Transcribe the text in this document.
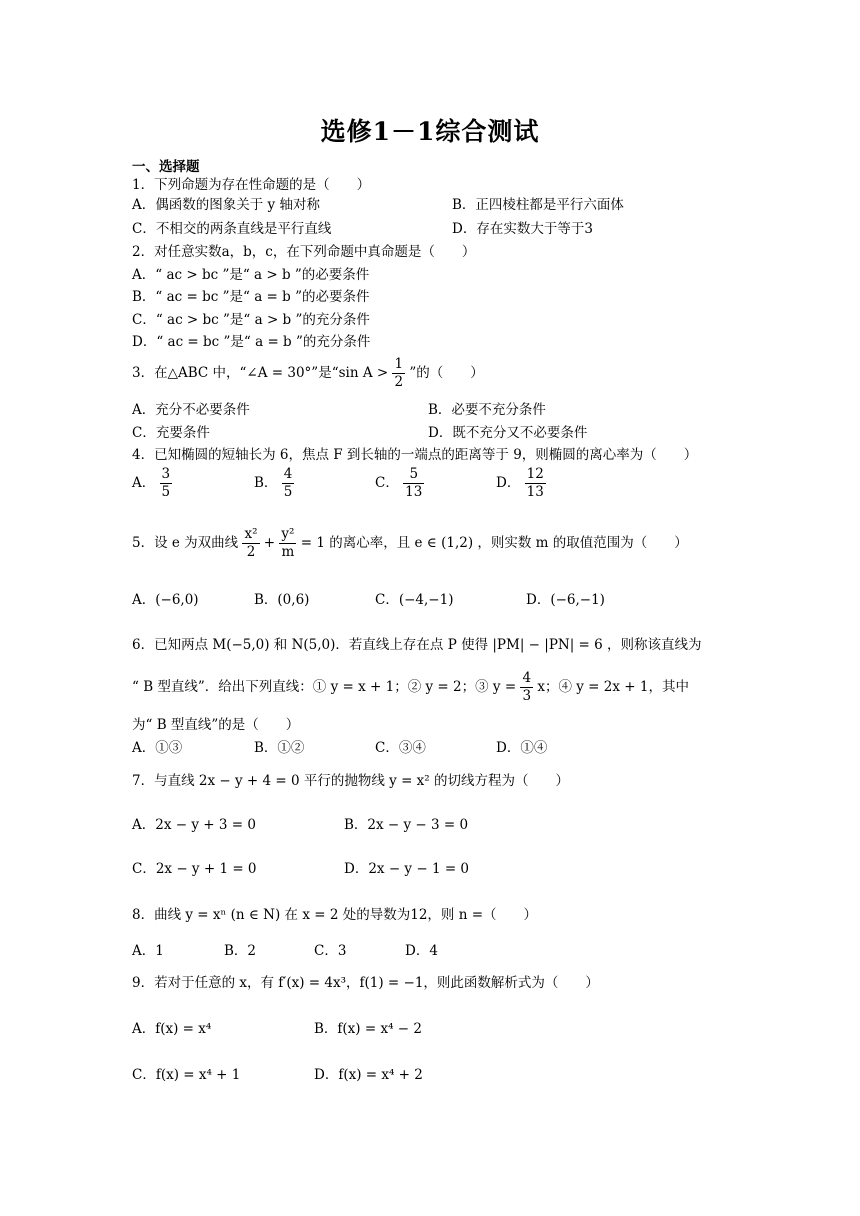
选修1－1综合测试
一、选择题
1．下列命题为存在性命题的是（　　）
A．偶函数的图象关于 y 轴对称	B．正四棱柱都是平行六面体
C．不相交的两条直线是平行直线	D．存在实数大于等于3
2．对任意实数a，b，c，在下列命题中真命题是（　　）
A．“ ac > bc ”是“ a > b ”的必要条件
B．“ ac = bc ”是“ a = b ”的必要条件
C．“ ac > bc ”是“ a > b ”的充分条件
D．“ ac = bc ”是“ a = b ”的充分条件
3．在△ABC 中，“∠A = 30°”是“sin $A > \frac{1}{2}$ ”的（　　）
A．充分不必要条件	B．必要不充分条件
C．充要条件	D．既不充分又不必要条件
4．已知椭圆的短轴长为 6，焦点 F 到长轴的一端点的距离等于 9，则椭圆的离心率为（　　）
A． $\frac{3}{5}$	B． $\frac{4}{5}$	C． $\frac{5}{13}$	D． $\frac{12}{13}$
5．设 e 为双曲线 $\frac{\text{x²}}{2} + \frac{\text{y²}}{m} = 1$ 的离心率，且 e ∈ (1,2) ，则实数 m 的取值范围为（　　）
A．(−6,0)	B．(0,6)	C．(−4,−1)	D．(−6,−1)
6．已知两点 M(−5,0) 和 N(5,0)．若直线上存在点 P 使得 |PM| − |PN| = 6 ，则称该直线为
“ B 型直线”．给出下列直线：① y = x + 1；② y = 2；③ $y = \frac{4}{3}$ x；④ y = 2x + 1，其中
为“ B 型直线”的是（　　）
A．①③	B．①②	C．③④	D．①④
7．与直线 2x − y + 4 = 0 平行的抛物线 y = x² 的切线方程为（　　）
A．2x − y + 3 = 0	B．2x − y − 3 = 0
C．2x − y + 1 = 0	D．2x − y − 1 = 0
8．曲线 y = xⁿ (n ∈ N) 在 x = 2 处的导数为12，则 n =（　　）
A．1	B．2	C．3	D．4
9．若对于任意的 x，有 f′(x) = 4x³，f(1) = −1，则此函数解析式为（　　）
A．f(x) = x⁴	B．f(x) = x⁴ − 2
C．f(x) = x⁴ + 1	D．f(x) = x⁴ + 2
